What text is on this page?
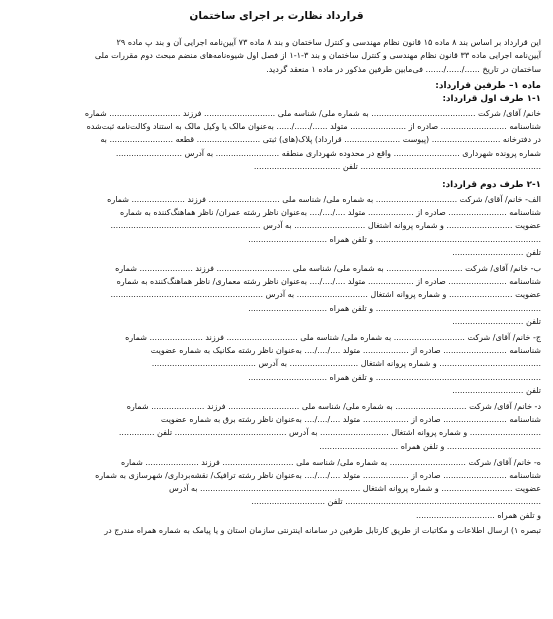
قرارداد نظارت بر اجرای ساختمان
این قرارداد بر اساس بند ۸ ماده ۱۵ قانون نظام مهندسی و کنترل ساختمان و بند ۸ ماده ۷۳ آیین‌نامه اجرایی آن و بند پ ماده ۲۹
آیین‌نامه اجرایی ماده ۳۳ قانون نظام مهندسی و کنترل ساختمان و بند ۳-۱-۱ از فصل اول شیوه‌نامه‌های منضم مبحث دوم مقررات ملی
ساختمان در تاریخ ....../....../....... فی‌مابین طرفین مذکور در ماده ۱ منعقد گردید.
ماده ۱– طرفین قرارداد:
۱-۱ طرف اول قرارداد:
خانم/ آقای/ شرکت ......................................... به شماره ملی/ شناسه ملی ............................ فرزند ............................ شماره
شناسنامه .......................... صادره از ...................... متولد ....../....../...... به‌عنوان مالک یا وکیل مالک به استناد وکالت‌نامه ثبت‌شده
در دفترخانه ........................... (پیوست ...................... قرارداد) پلاک(های) ثبتی ......................... قطعه ......................... به
شماره پرونده شهرداری .......................... واقع در محدوده شهرداری منطقه ......................... به آدرس ..........................
....................................................................... تلفن ..................................
۲-۱ طرف دوم قرارداد:
الف- خانم/ آقای/ شرکت ................................ به شماره ملی/ شناسه ملی ............................ فرزند ..................... شماره
شناسنامه ....................... صادره از .................. متولد ..../..../.... به‌عنوان ناظر رشته عمران/ ناظر هماهنگ‌کننده به شماره
عضویت .......................... و شماره پروانه اشتغال ............................ به آدرس ...........................................................
................................................................. و تلفن همراه ...............................
تلفن ............................
ب- خانم/ آقای/ شرکت .............................. به شماره ملی/ شناسه ملی ............................. فرزند ..................... شماره
شناسنامه ....................... صادره از .................. متولد ..../..../.... به‌عنوان ناظر رشته معماری/ ناظر هماهنگ‌کننده به شماره
عضویت ......................... و شماره پروانه اشتغال ............................ به آدرس ............................................................
................................................................. و تلفن همراه ...............................
تلفن ............................
ج- خانم/ آقای/ شرکت ............................ به شماره ملی/ شناسه ملی ............................ فرزند ..................... شماره
شناسنامه ......................... صادره از .................. متولد ..../..../.... به‌عنوان ناظر رشته مکانیک به شماره عضویت
........................................ و شماره پروانه اشتغال ........................... به آدرس .........................................
................................................................. و تلفن همراه ...............................
تلفن ............................
د- خانم/ آقای/ شرکت ............................ به شماره ملی/ شناسه ملی ............................ فرزند ..................... شماره
شناسنامه ......................... صادره از .................. متولد ..../..../.... به‌عنوان ناظر رشته برق به شماره عضویت
............................ و شماره پروانه اشتغال ........................... به آدرس ............................................ تلفن ..............
..................................... و تلفن همراه ...............................
ه- خانم/ آقای/ شرکت .............................. به شماره ملی/ شناسه ملی ............................ فرزند ..................... شماره
شناسنامه ......................... صادره از .................. متولد ..../..../.... به‌عنوان ناظر رشته ترافیک/ نقشه‌برداری/ شهرسازی به شماره
عضویت ............................ و شماره پروانه اشتغال ............................................................... به آدرس
............................................................................. تلفن .............................
و تلفن همراه ...............................
تبصره ۱) ارسال اطلاعات و مکاتبات از طریق کارتابل طرفین در سامانه اینترنتی سازمان استان و یا پیامک به شماره همراه مندرج در
